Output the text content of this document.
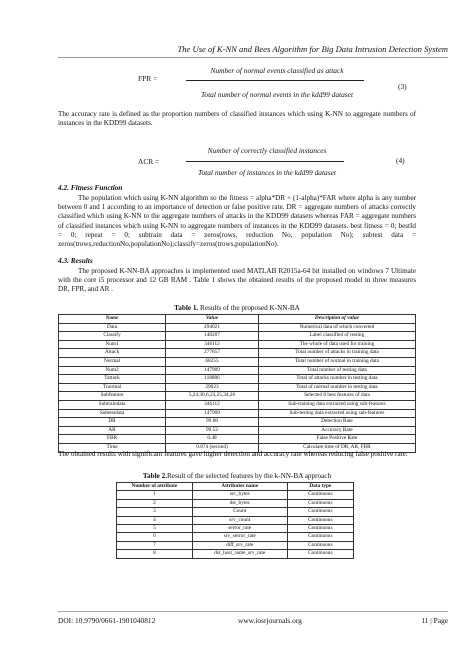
The Use of K-NN and Bees Algorithm for Big Data Intrusion Detection System
FPR =
Number of normal events classified as attack
Total number of normal events in the kdd99 dataset
(3)

The accuracy rate is defined as the proportion numbers of classified instances which using K-NN to aggregate numbers of instances in the KDD99 datasets.

ACR =
Number of correctly classified instances
Total number of instances in the kdd99 dataset
(4)
4.2. Fitness Function

The population which using K-NN algorithm so the fitness = alpha*DR + (1-alpha)*FAR where alpha is any number between 0 and 1 according to an importance of detection or false positive rate. DR = aggregate numbers of attacks correctly classified which using K-NN to the aggregate numbers of attacks in the KDD99 datasets whereas FAR = aggregate numbers of classified instances which using K-NN to aggregate numbers of instances in the KDD99 datasets. best fitness = 0; bestId = 0; repeat = 0; subtrain data = zeros(rows, reduction No, population No); subtest data = zeros(trows,reductionNo,populationNo);classify=zeros(trows,populationNo).

4.3. Results

The proposed K-NN-BA approaches is implemented used MATLAB R2015a-64 bit installed on windows 7 Ultimate with the core i5 processor and 12 GB RAM . Table 1 shows the obtained results of the proposed model in three measures DR, FPR, and AR .

Table 1. Results of the proposed K-NN-BA
Name	Value	Description of value
Data	494021	Numerical data of which converted
Classify	148207	Label classified of testing
Num1	346112	The whole of data used for training
Attack	277857	Total number of attacks in training data
Normal	68255	Total number of normal in training data
Num2	147909	Total number of testing data
Tattack	118886	Total of attacks number in testing data
Tnormal	29023	Total of normal number in testing data
Subfeature	5,24,30,6,23,25,34,26	Selected 8 best features of data
Subtraindata	346112	Sub-training data extracted using sub-features
Subtestdata	147909	Sub-testing data extracted using sub-features
DR	99 88	Detection Rate
AR	99.52	Accuracy Rate
FBR	0.48	False Positive Rate
Time	0.874 (second)	Calculate time of DR, AR, FBR

The obtained results with significant features gave higher detection and accuracy rate whereas reducing false positive rate.

Table 2.Result of the selected features by the k-NN-BA approach
Number of attribute	Attributes name	Data type
1	src_bytes	Continuous
2	dst_bytes	Continuous
3	Count	Continuous
4	srv_count	Continuous
5	serror_rate	Continuous
6	srv_serror_rate	Continuous
7	diff_srv_rate	Continuous
8	dst_host_same_srv_rate	Continuous
DOI: 10.9790/0661-1901040812	www.iosrjournals.org	11 | Page
